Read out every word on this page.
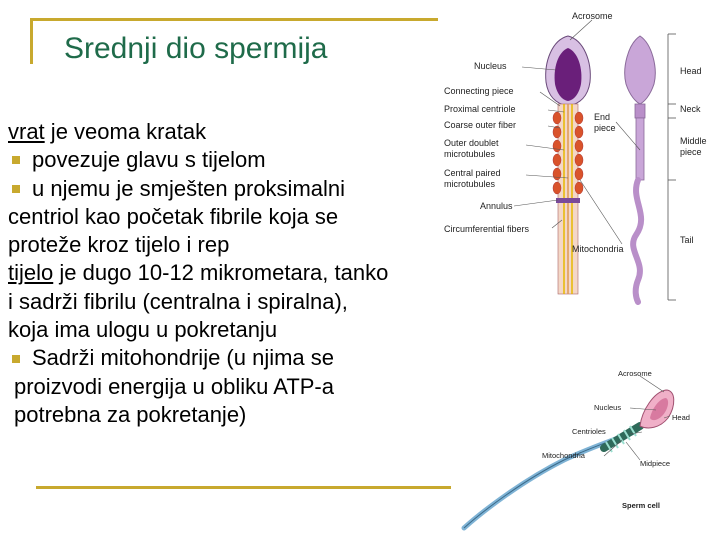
Srednji dio spermija
vrat je veoma kratak
povezuje glavu s tijelom
u njemu je smješten proksimalni
centriol kao početak fibrile koja se
proteže kroz tijelo i rep
tijelo je dugo 10-12 mikrometara, tanko
i sadrži fibrilu (centralna i spiralna),
koja ima ulogu u pokretanju
Sadrži mitohondrije (u njima se
proizvodi energija u obliku ATP-a
potrebna za pokretanje)
Acrosome
Nucleus
Connecting piece
Proximal centriole
Coarse outer fiber
Outer doublet
microtubules
Central paired
microtubules
Annulus
Circumferential fibers
End
piece
Mitochondria
Head
Neck
Middle
piece
Tail
Acrosome
Nucleus
Head
Centrioles
Mitochondria
Midpiece
Sperm cell
